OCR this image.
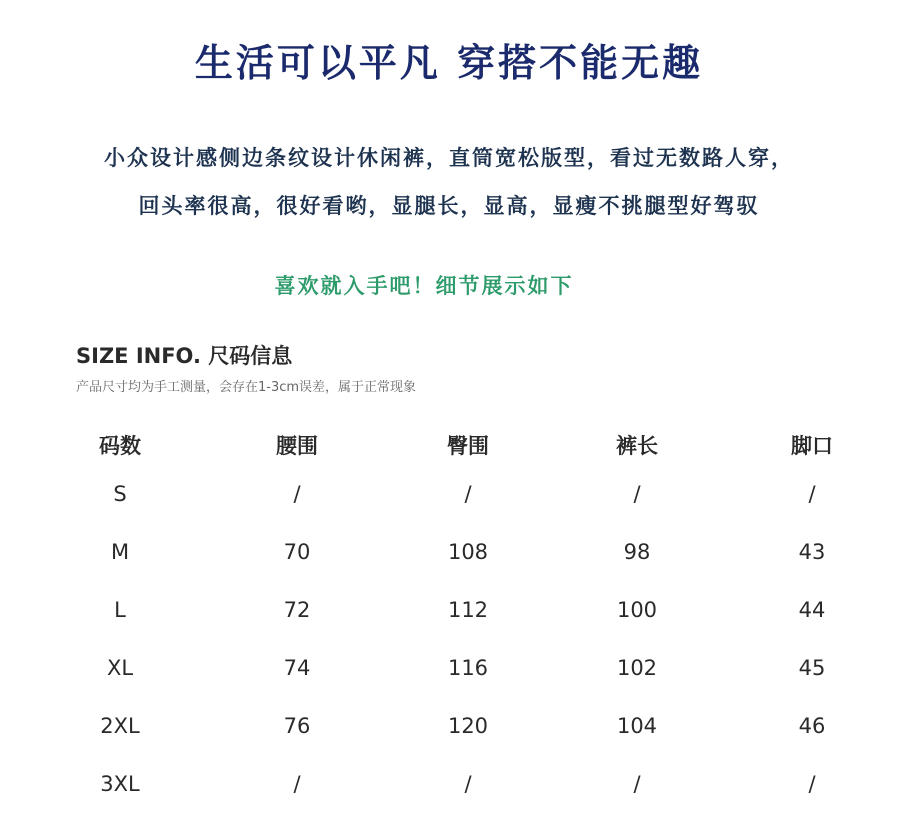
生活可以平凡 穿搭不能无趣
小众设计感侧边条纹设计休闲裤，直筒宽松版型，看过无数路人穿，
回头率很高，很好看哟，显腿长，显高，显瘦不挑腿型好驾驭
喜欢就入手吧！细节展示如下
SIZE INFO. 尺码信息
产品尺寸均为手工测量，会存在1-3cm误差，属于正常现象
码数	腰围	臀围	裤长	脚口
S	/	/	/	/
M	70	108	98	43
L	72	112	100	44
XL	74	116	102	45
2XL	76	120	104	46
3XL	/	/	/	/
